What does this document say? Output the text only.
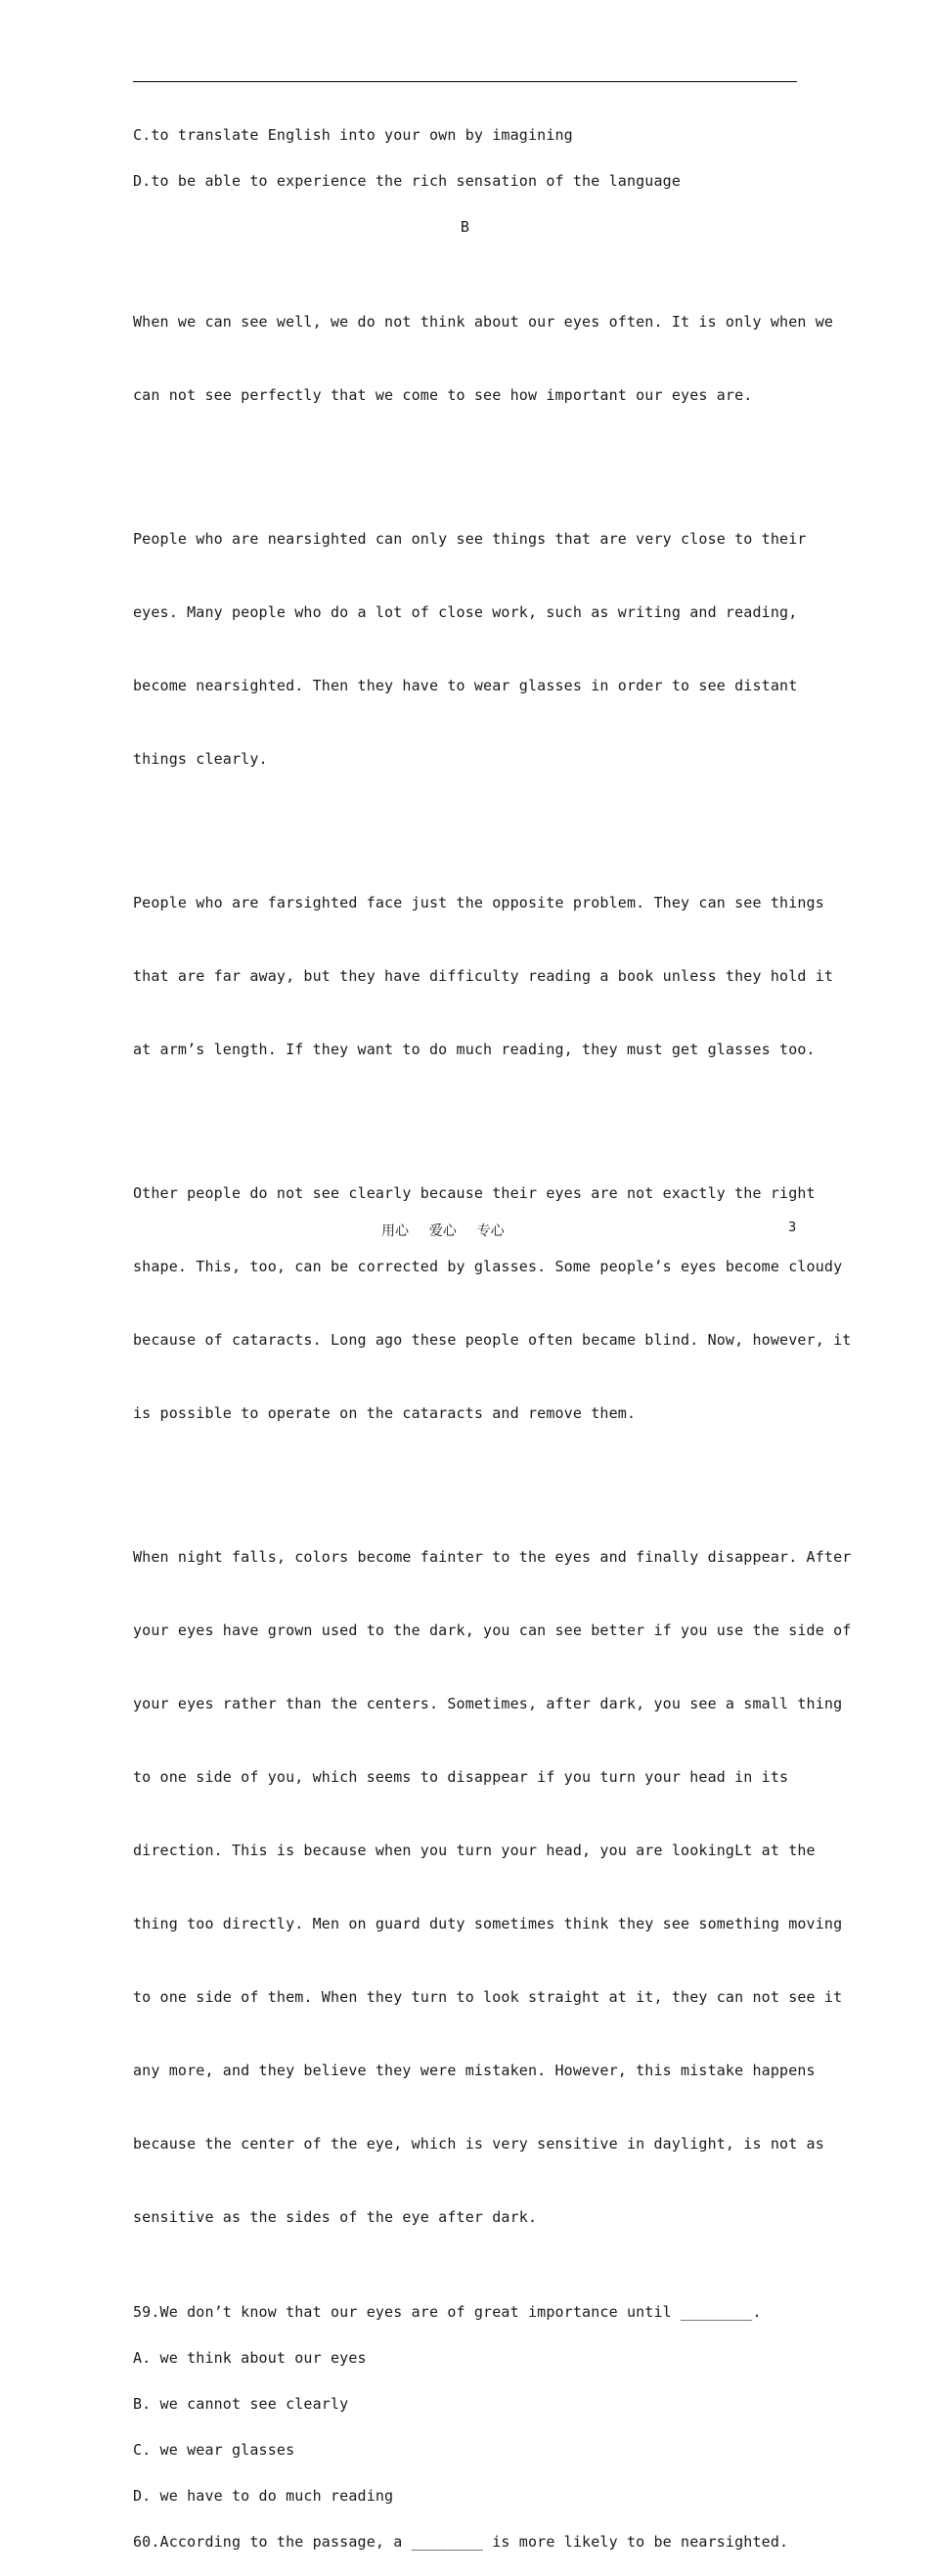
C.to translate English into your own by imagining
D.to be able to experience the rich sensation of the language
B

When we can see well, we do not think about our eyes often. It is only when we

can not see perfectly that we come to see how important our eyes are.

People who are nearsighted can only see things that are very close to their

eyes. Many people who do a lot of close work, such as writing and reading,

become nearsighted. Then they have to wear glasses in order to see distant

things clearly.

People who are farsighted face just the opposite problem. They can see things

that are far away, but they have difficulty reading a book unless they hold it

at arm’s length. If they want to do much reading, they must get glasses too.

Other people do not see clearly because their eyes are not exactly the right

shape. This, too, can be corrected by glasses. Some people’s eyes become cloudy

because of cataracts. Long ago these people often became blind. Now, however, it

is possible to operate on the cataracts and remove them.

When night falls, colors become fainter to the eyes and finally disappear. After

your eyes have grown used to the dark, you can see better if you use the side of

your eyes rather than the centers. Sometimes, after dark, you see a small thing

to one side of you, which seems to disappear if you turn your head in its

direction. This is because when you turn your head, you are lookingLt at the

thing too directly. Men on guard duty sometimes think they see something moving

to one side of them. When they turn to look straight at it, they can not see it

any more, and they believe they were mistaken. However, this mistake happens

because the center of the eye, which is very sensitive in daylight, is not as

sensitive as the sides of the eye after dark.

59.We don’t know that our eyes are of great importance until ________.
A. we think about our eyes
B. we cannot see clearly
C. we wear glasses
D. we have to do much reading
60.According to the passage, a ________ is more likely to be nearsighted.
用心  爱心  专心	3
